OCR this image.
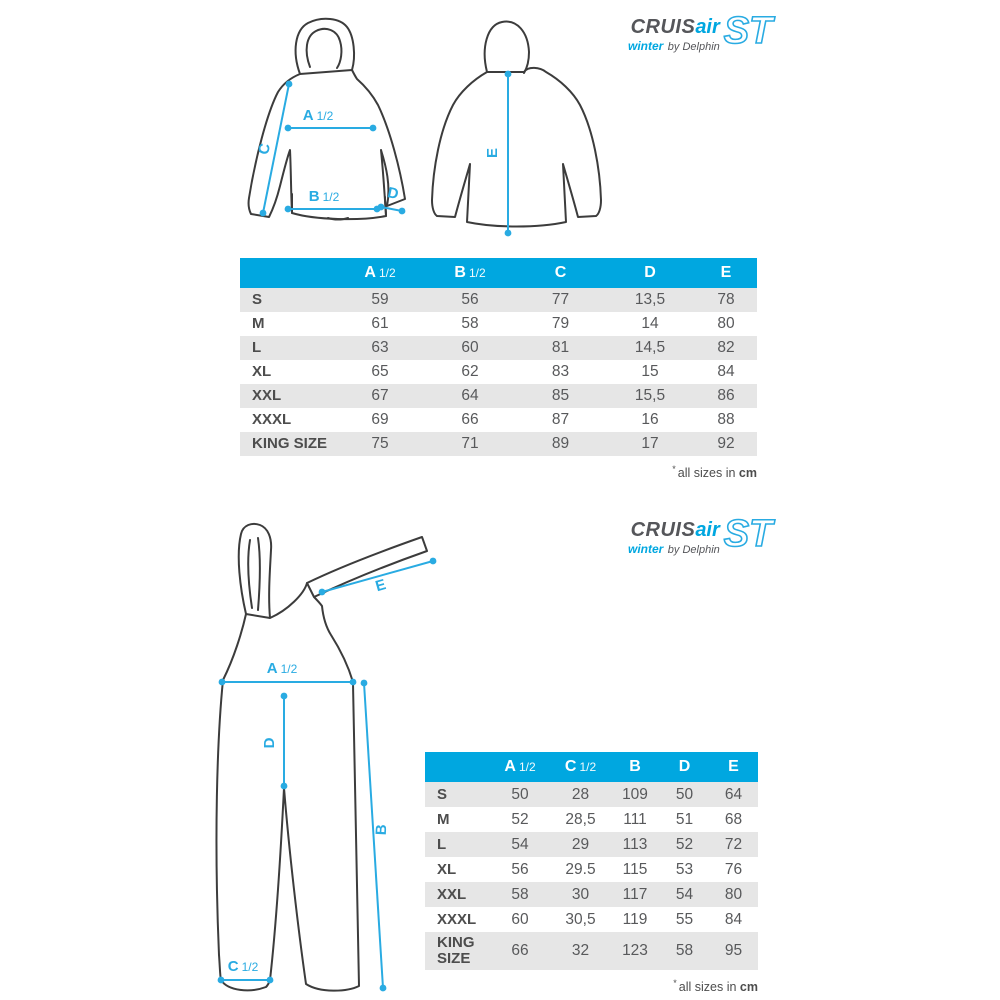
A 1/2
B 1/2
C
D
E
CRUISair
winter by Delphin ST
	A 1/2	B 1/2	C	D	E
S	59	56	77	13,5	78
M	61	58	79	14	80
L	63	60	81	14,5	82
XL	65	62	83	15	84
XXL	67	64	85	15,5	86
XXXL	69	66	87	16	88
KING SIZE	75	71	89	17	92
* all sizes in cm
E
A 1/2
D
B
C 1/2
CRUISair
winter by Delphin ST
	A 1/2	C 1/2	B	D	E
S	50	28	109	50	64
M	52	28,5	111	51	68
L	54	29	113	52	72
XL	56	29.5	115	53	76
XXL	58	30	117	54	80
XXXL	60	30,5	119	55	84
KING SIZE	66	32	123	58	95
* all sizes in cm
